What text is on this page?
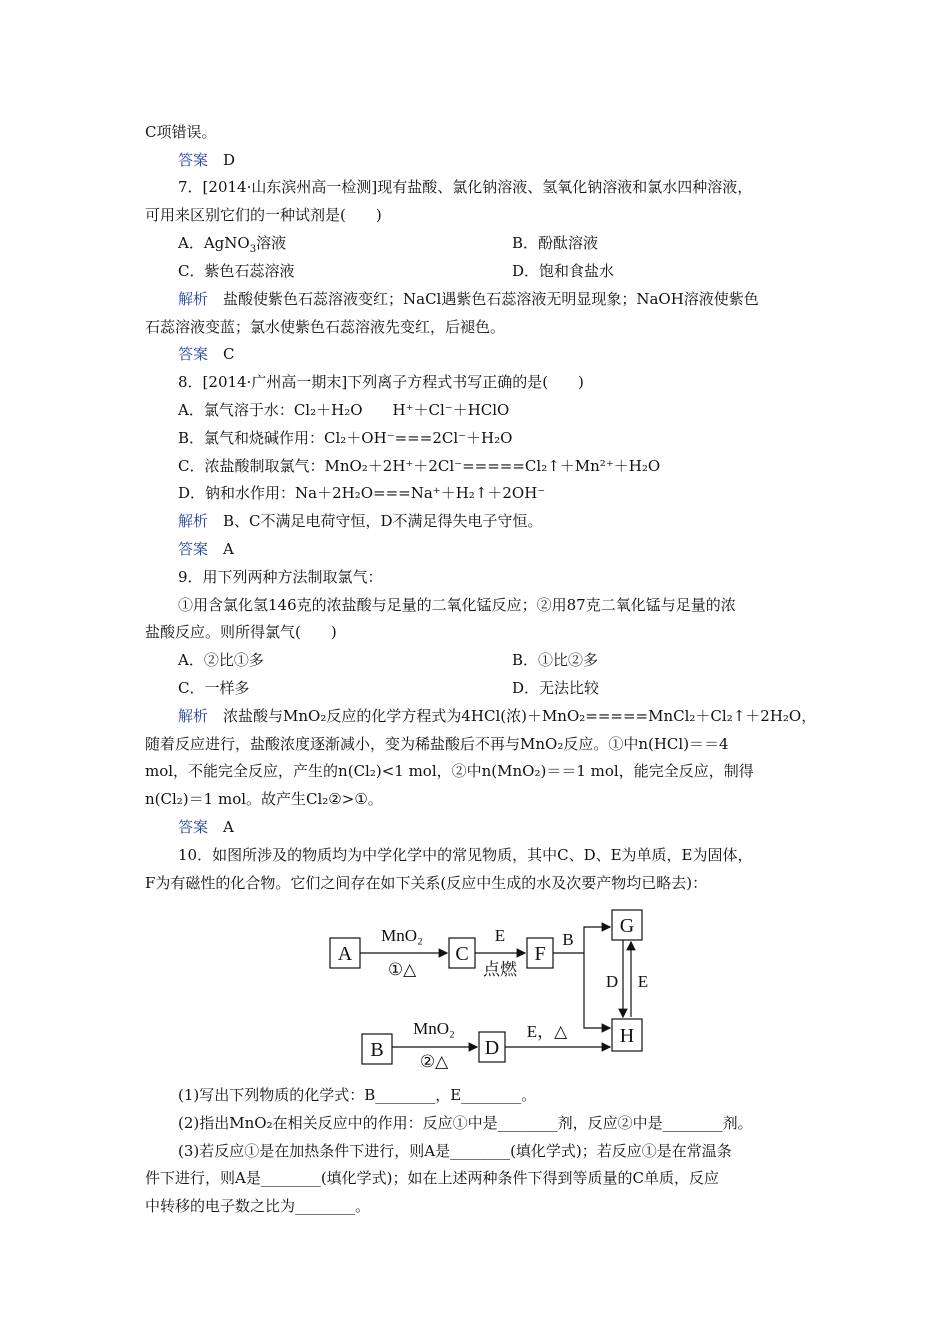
C项错误。
答案　 D
7．[2014·山东滨州高一检测]现有盐酸、氯化钠溶液、氢氧化钠溶液和氯水四种溶液，
可用来区别它们的一种试剂是(　　)
A．AgNO$_3$溶液	B．酚酞溶液
C．紫色石蕊溶液	D．饱和食盐水
解析　盐酸使紫色石蕊溶液变红；NaCl遇紫色石蕊溶液无明显现象；NaOH溶液使紫色
石蕊溶液变蓝；氯水使紫色石蕊溶液先变红，后褪色。
答案　 C
8．[2014·广州高一期末]下列离子方程式书写正确的是(　　)
A．氯气溶于水：Cl₂＋H₂O　　H⁺＋Cl⁻＋HClO
B．氯气和烧碱作用：Cl₂＋OH⁻===2Cl⁻＋H₂O
C．浓盐酸制取氯气：MnO₂＋2H⁺＋2Cl⁻=====Cl₂↑＋Mn²⁺＋H₂O
D．钠和水作用：Na＋2H₂O===Na⁺＋H₂↑＋2OH⁻
解析　B、C不满足电荷守恒，D不满足得失电子守恒。
答案　 A
9．用下列两种方法制取氯气：
①用含氯化氢146克的浓盐酸与足量的二氧化锰反应；②用87克二氧化锰与足量的浓
盐酸反应。则所得氯气(　　)
A．②比①多	B．①比②多
C．一样多	D．无法比较
解析　浓盐酸与MnO₂反应的化学方程式为4HCl(浓)＋MnO₂=====MnCl₂＋Cl₂↑＋2H₂O，
随着反应进行，盐酸浓度逐渐减小，变为稀盐酸后不再与MnO₂反应。①中n(HCl)＝＝4
mol，不能完全反应，产生的n(Cl₂)<1 mol，②中n(MnO₂)＝＝1 mol，能完全反应，制得
n(Cl₂)＝1 mol。故产生Cl₂②>①。
答案　 A
10．如图所涉及的物质均为中学化学中的常见物质，其中C、D、E为单质，E为固体，
F为有磁性的化合物。它们之间存在如下关系(反应中生成的水及次要产物均已略去)：
A	C	F
G
B	D
H
MnO₂
①△
E
点燃
B
D E
MnO₂
②△
E，△
(1)写出下列物质的化学式：B________，E________。
(2)指出MnO₂在相关反应中的作用：反应①中是________剂，反应②中是________剂。
(3)若反应①是在加热条件下进行，则A是________(填化学式)；若反应①是在常温条
件下进行，则A是________(填化学式)；如在上述两种条件下得到等质量的C单质，反应
中转移的电子数之比为________。
